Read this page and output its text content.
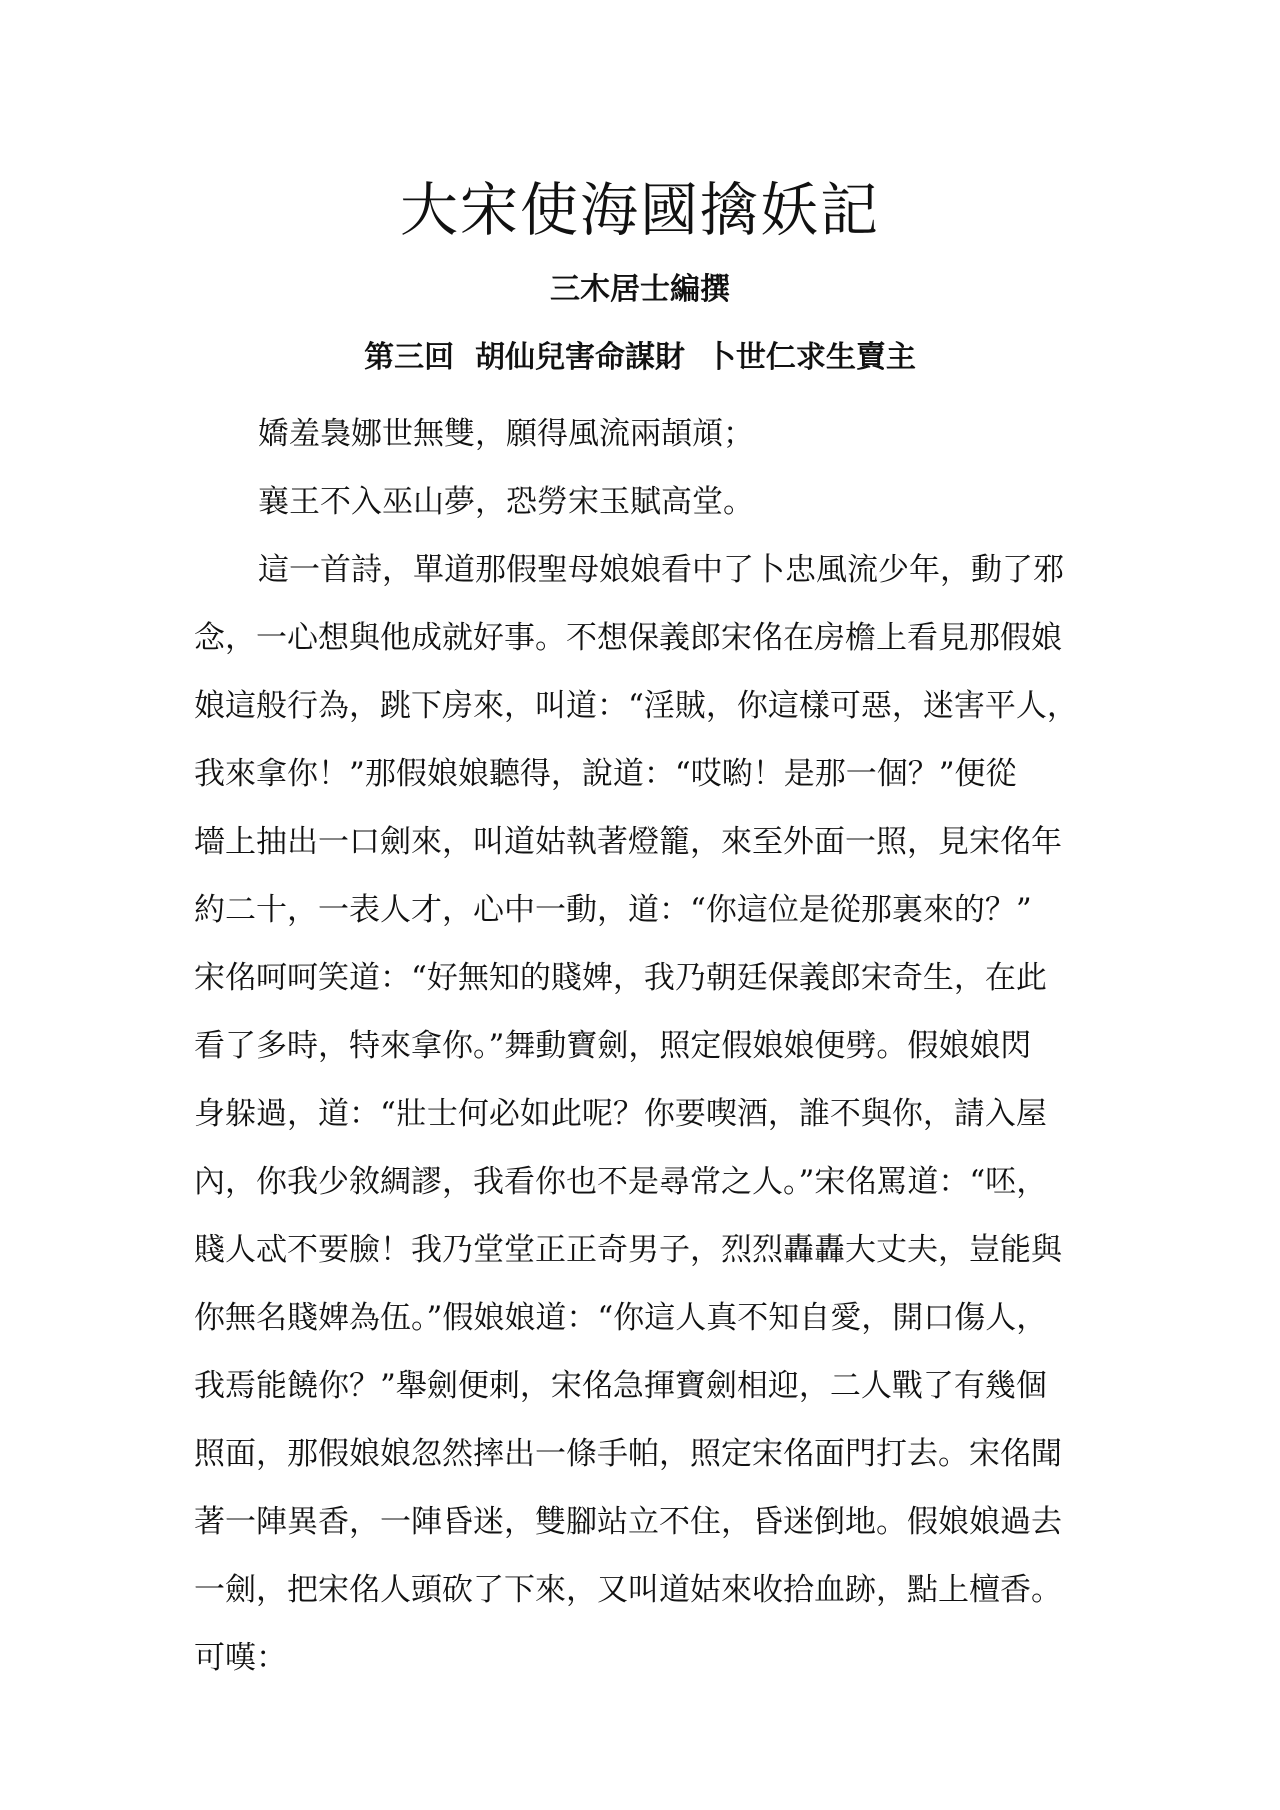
大宋使海國擒妖記
三木居士編撰
第三回  胡仙兒害命謀財  卜世仁求生賣主
嬌羞裊娜世無雙，願得風流兩頡頏；
襄王不入巫山夢，恐勞宋玉賦高堂。
這一首詩，單道那假聖母娘娘看中了卜忠風流少年，動了邪
念，一心想與他成就好事。不想保義郎宋佲在房檐上看見那假娘
娘這般行為，跳下房來，叫道：“淫賊，你這樣可惡，迷害平人，
我來拿你！”那假娘娘聽得，說道：“哎喲！是那一個？”便從
墻上抽出一口劍來，叫道姑執著燈籠，來至外面一照，見宋佲年
約二十，一表人才，心中一動，道：“你這位是從那裏來的？”
宋佲呵呵笑道：“好無知的賤婢，我乃朝廷保義郎宋奇生，在此
看了多時，特來拿你。”舞動寶劍，照定假娘娘便劈。假娘娘閃
身躲過，道：“壯士何必如此呢？你要喫酒，誰不與你，請入屋
內，你我少敘綢謬，我看你也不是尋常之人。”宋佲罵道：“呸，
賤人忒不要臉！我乃堂堂正正奇男子，烈烈轟轟大丈夫，豈能與
你無名賤婢為伍。”假娘娘道：“你這人真不知自愛，開口傷人，
我焉能饒你？”舉劍便刺，宋佲急揮寶劍相迎，二人戰了有幾個
照面，那假娘娘忽然摔出一條手帕，照定宋佲面門打去。宋佲聞
著一陣異香，一陣昏迷，雙腳站立不住，昏迷倒地。假娘娘過去
一劍，把宋佲人頭砍了下來，又叫道姑來收拾血跡，點上檀香。
可嘆：
